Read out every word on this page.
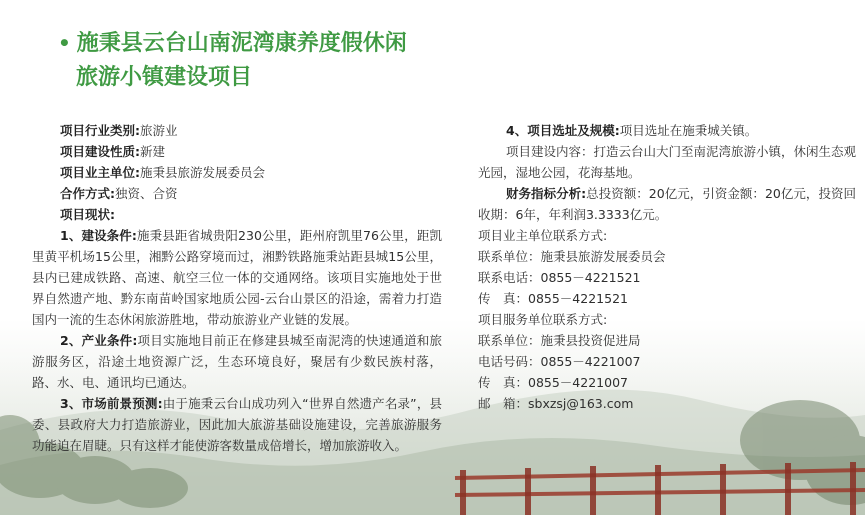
• 施秉县云台山南泥湾康养度假休闲
旅游小镇建设项目
项目行业类别:旅游业
项目建设性质:新建
项目业主单位:施秉县旅游发展委员会
合作方式:独资、合资
项目现状:
1、建设条件:施秉县距省城贵阳230公里，距州府凯里76公里，距凯里黄平机场15公里，湘黔公路穿境而过，湘黔铁路施秉站距县城15公里，县内已建成铁路、高速、航空三位一体的交通网络。该项目实施地处于世界自然遗产地、黔东南苗岭国家地质公园-云台山景区的沿途，需着力打造国内一流的生态休闲旅游胜地，带动旅游业产业链的发展。
2、产业条件:项目实施地目前正在修建县城至南泥湾的快速通道和旅游服务区，沿途土地资源广泛，生态环境良好，聚居有少数民族村落，路、水、电、通讯均已通达。
3、市场前景预测:由于施秉云台山成功列入“世界自然遗产名录”，县委、县政府大力打造旅游业，因此加大旅游基础设施建设，完善旅游服务功能迫在眉睫。只有这样才能使游客数量成倍增长，增加旅游收入。
4、项目选址及规模:项目选址在施秉城关镇。
项目建设内容：打造云台山大门至南泥湾旅游小镇，休闲生态观光园，湿地公园，花海基地。
财务指标分析:总投资额：20亿元，引资金额：20亿元，投资回收期：6年，年利润3.3333亿元。
项目业主单位联系方式:
联系单位：施秉县旅游发展委员会
联系电话：0855－4221521
传　真：0855－4221521
项目服务单位联系方式:
联系单位：施秉县投资促进局
电话号码：0855－4221007
传　真：0855－4221007
邮　箱：sbxzsj@163.com
